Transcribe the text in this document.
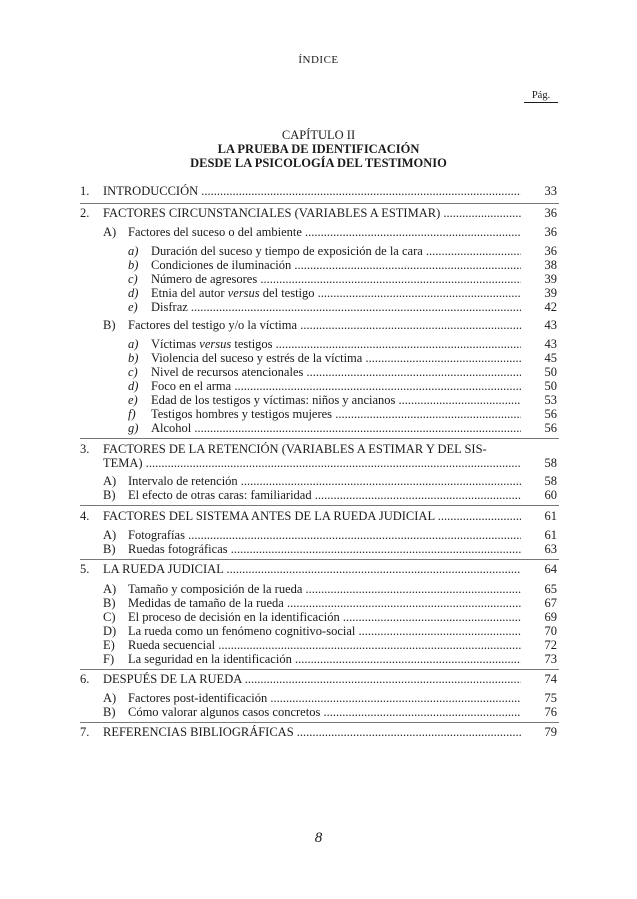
ÍNDICE
Pág.
CAPÍTULO II
LA PRUEBA DE IDENTIFICACIÓN
DESDE LA PSICOLOGÍA DEL TESTIMONIO
1. INTRODUCCIÓN .....	33
2. FACTORES CIRCUNSTANCIALES (VARIABLES A ESTIMAR) .....	36
A) Factores del suceso o del ambiente .....	36
a) Duración del suceso y tiempo de exposición de la cara .....	36
b) Condiciones de iluminación .....	38
c) Número de agresores .....	39
d) Etnia del autor versus del testigo .....	39
e) Disfraz .....	42
B) Factores del testigo y/o la víctima .....	43
a) Víctimas versus testigos .....	43
b) Violencia del suceso y estrés de la víctima .....	45
c) Nivel de recursos atencionales .....	50
d) Foco en el arma .....	50
e) Edad de los testigos y víctimas: niños y ancianos .....	53
f) Testigos hombres y testigos mujeres .....	56
g) Alcohol .....	56
3. FACTORES DE LA RETENCIÓN (VARIABLES A ESTIMAR Y DEL SIS-
TEMA) .....	58
A) Intervalo de retención .....	58
B) El efecto de otras caras: familiaridad .....	60
4. FACTORES DEL SISTEMA ANTES DE LA RUEDA JUDICIAL .....	61
A) Fotografías .....	61
B) Ruedas fotográficas .....	63
5. LA RUEDA JUDICIAL .....	64
A) Tamaño y composición de la rueda .....	65
B) Medidas de tamaño de la rueda .....	67
C) El proceso de decisión en la identificación .....	69
D) La rueda como un fenómeno cognitivo-social .....	70
E) Rueda secuencial .....	72
F) La seguridad en la identificación .....	73
6. DESPUÉS DE LA RUEDA .....	74
A) Factores post-identificación .....	75
B) Cómo valorar algunos casos concretos .....	76
7. REFERENCIAS BIBLIOGRÁFICAS .....	79
8
